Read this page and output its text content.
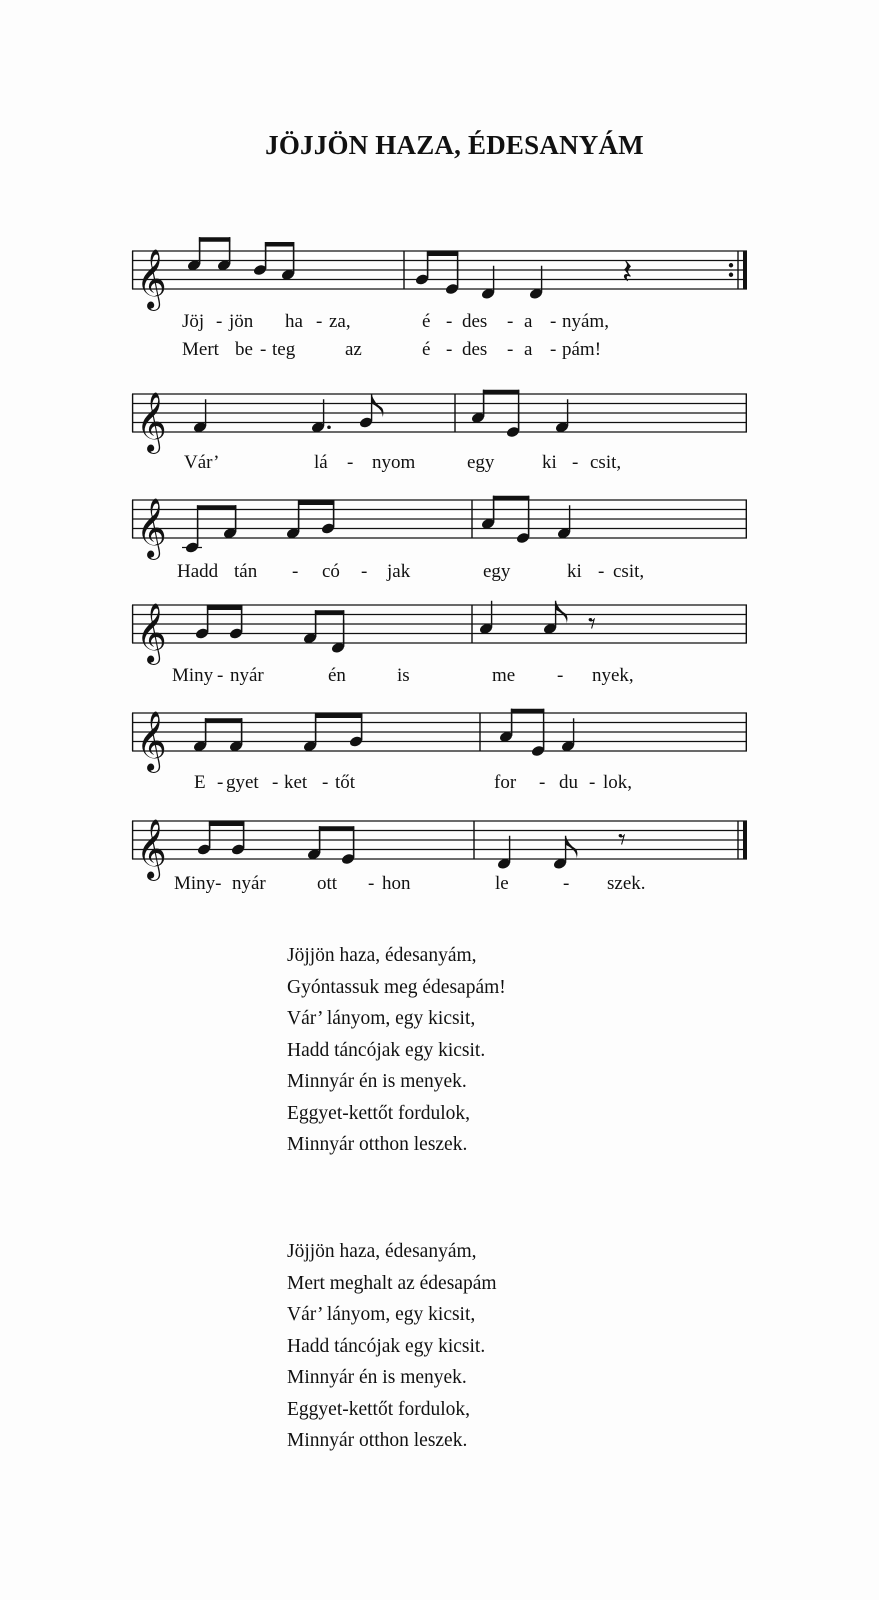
JÖJJÖN HAZA, ÉDESANYÁM
𝄞	𝄽
Jöj - jön ha - za,	é - des - a - nyám,
Mert be - teg	az	é - des - a - pám!
𝄞
Vár’	lá - nyom	egy	ki - csit,
𝄞
Hadd tán - có - jak	egy	ki - csit,
𝄞	𝄾
Miny - nyár	én	is	me - nyek,
𝄞
E - gyet - ket - tőt	for - du - lok,
𝄞	𝄾
Miny- nyár	ott - hon	le	- szek.
Jöjjön haza, édesanyám,
Gyóntassuk meg édesapám!
Vár’ lányom, egy kicsit,
Hadd táncójak egy kicsit.
Minnyár én is menyek.
Eggyet-kettőt fordulok,
Minnyár otthon leszek.
Jöjjön haza, édesanyám,
Mert meghalt az édesapám
Vár’ lányom, egy kicsit,
Hadd táncójak egy kicsit.
Minnyár én is menyek.
Eggyet-kettőt fordulok,
Minnyár otthon leszek.
